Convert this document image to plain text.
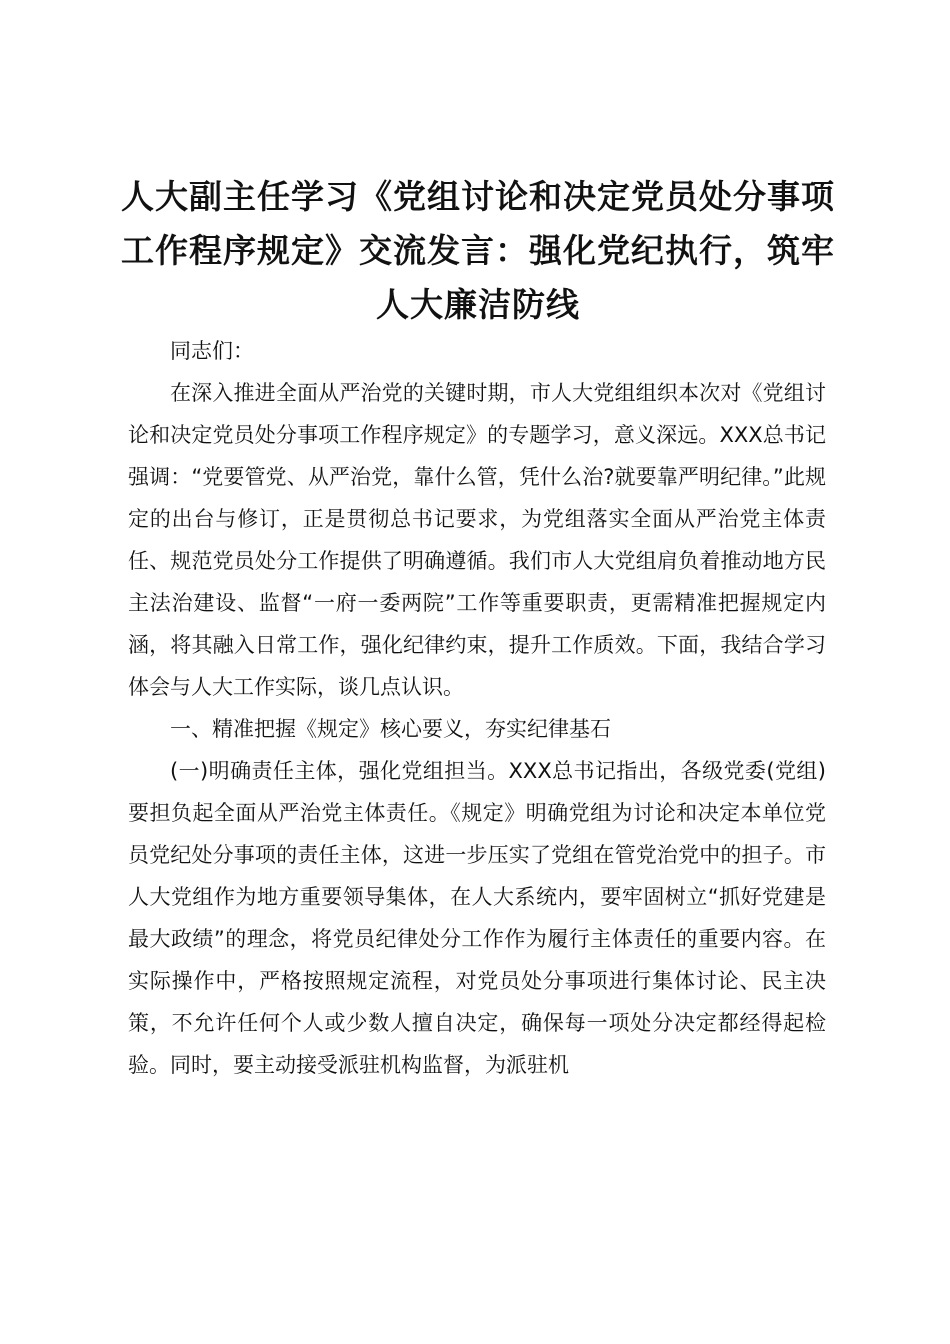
人大副主任学习《党组讨论和决定党员处分事项工作程序规定》交流发言：强化党纪执行，筑牢人大廉洁防线

同志们：

在深入推进全面从严治党的关键时期，市人大党组组织本次对《党组讨论和决定党员处分事项工作程序规定》的专题学习，意义深远。XXX总书记强调：“党要管党、从严治党，靠什么管，凭什么治?就要靠严明纪律。”此规定的出台与修订，正是贯彻总书记要求，为党组落实全面从严治党主体责任、规范党员处分工作提供了明确遵循。我们市人大党组肩负着推动地方民主法治建设、监督“一府一委两院”工作等重要职责，更需精准把握规定内涵，将其融入日常工作，强化纪律约束，提升工作质效。下面，我结合学习体会与人大工作实际，谈几点认识。

一、精准把握《规定》核心要义，夯实纪律基石

(一)明确责任主体，强化党组担当。XXX总书记指出，各级党委(党组)要担负起全面从严治党主体责任。《规定》明确党组为讨论和决定本单位党员党纪处分事项的责任主体，这进一步压实了党组在管党治党中的担子。市人大党组作为地方重要领导集体，在人大系统内，要牢固树立“抓好党建是最大政绩”的理念，将党员纪律处分工作作为履行主体责任的重要内容。在实际操作中，严格按照规定流程，对党员处分事项进行集体讨论、民主决策，不允许任何个人或少数人擅自决定，确保每一项处分决定都经得起检验。同时，要主动接受派驻机构监督，为派驻机
